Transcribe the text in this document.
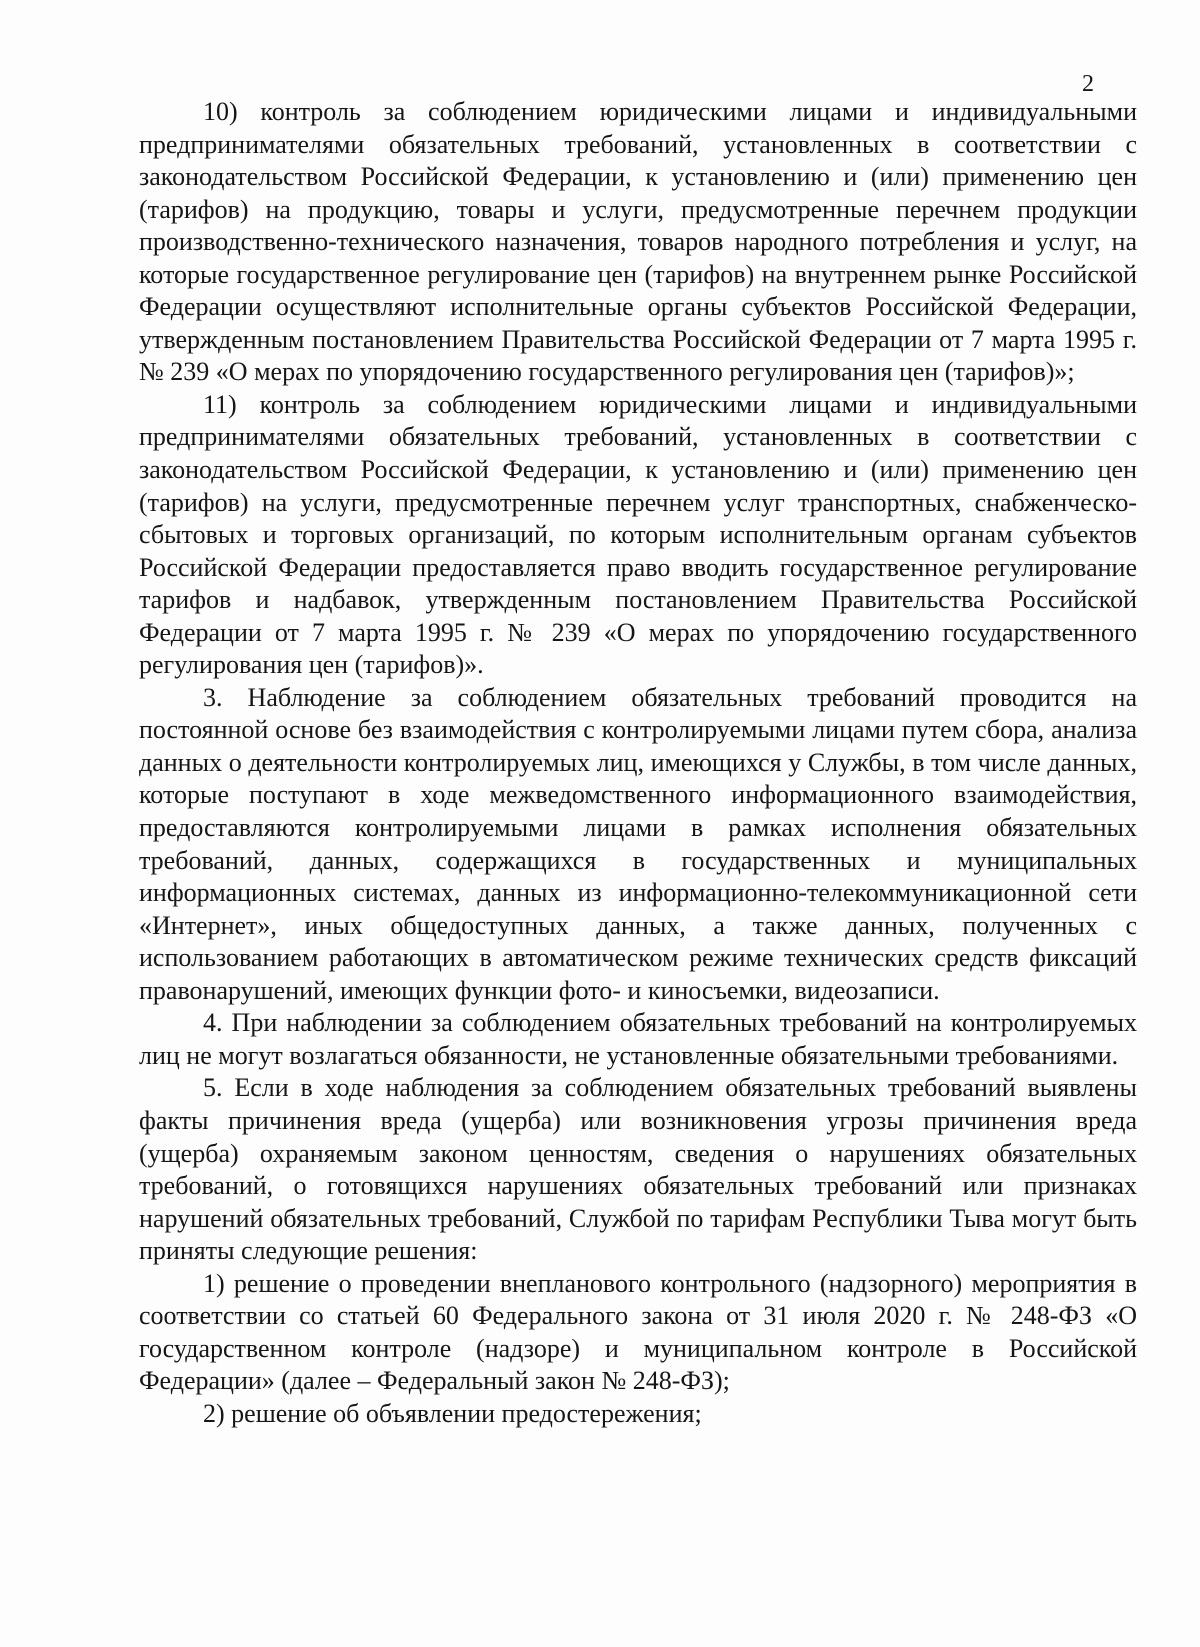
2

10) контроль за соблюдением юридическими лицами и индивидуальными предпринимателями обязательных требований, установленных в соответствии с законодательством Российской Федерации, к установлению и (или) применению цен (тарифов) на продукцию, товары и услуги, предусмотренные перечнем продукции производственно-технического назначения, товаров народного потребления и услуг, на которые государственное регулирование цен (тарифов) на внутреннем рынке Российской Федерации осуществляют исполнительные органы субъектов Российской Федерации, утвержденным постановлением Правительства Российской Федерации от 7 марта 1995 г. № 239 «О мерах по упорядочению государственного регулирования цен (тарифов)»;

11) контроль за соблюдением юридическими лицами и индивидуальными предпринимателями обязательных требований, установленных в соответствии с законодательством Российской Федерации, к установлению и (или) применению цен (тарифов) на услуги, предусмотренные перечнем услуг транспортных, снабженческо-сбытовых и торговых организаций, по которым исполнительным органам субъектов Российской Федерации предоставляется право вводить государственное регулирование тарифов и надбавок, утвержденным постановлением Правительства Российской Федерации от 7 марта 1995 г. № 239 «О мерах по упорядочению государственного регулирования цен (тарифов)».

3. Наблюдение за соблюдением обязательных требований проводится на постоянной основе без взаимодействия с контролируемыми лицами путем сбора, анализа данных о деятельности контролируемых лиц, имеющихся у Службы, в том числе данных, которые поступают в ходе межведомственного информационного взаимодействия, предоставляются контролируемыми лицами в рамках исполнения обязательных требований, данных, содержащихся в государственных и муниципальных информационных системах, данных из информационно-телекоммуникационной сети «Интернет», иных общедоступных данных, а также данных, полученных с использованием работающих в автоматическом режиме технических средств фиксаций правонарушений, имеющих функции фото- и киносъемки, видеозаписи.

4. При наблюдении за соблюдением обязательных требований на контролируемых лиц не могут возлагаться обязанности, не установленные обязательными требованиями.

5. Если в ходе наблюдения за соблюдением обязательных требований выявлены факты причинения вреда (ущерба) или возникновения угрозы причинения вреда (ущерба) охраняемым законом ценностям, сведения о нарушениях обязательных требований, о готовящихся нарушениях обязательных требований или признаках нарушений обязательных требований, Службой по тарифам Республики Тыва могут быть приняты следующие решения:

1) решение о проведении внепланового контрольного (надзорного) мероприятия в соответствии со статьей 60 Федерального закона от 31 июля 2020 г. № 248-ФЗ «О государственном контроле (надзоре) и муниципальном контроле в Российской Федерации» (далее – Федеральный закон № 248-ФЗ);

2) решение об объявлении предостережения;
